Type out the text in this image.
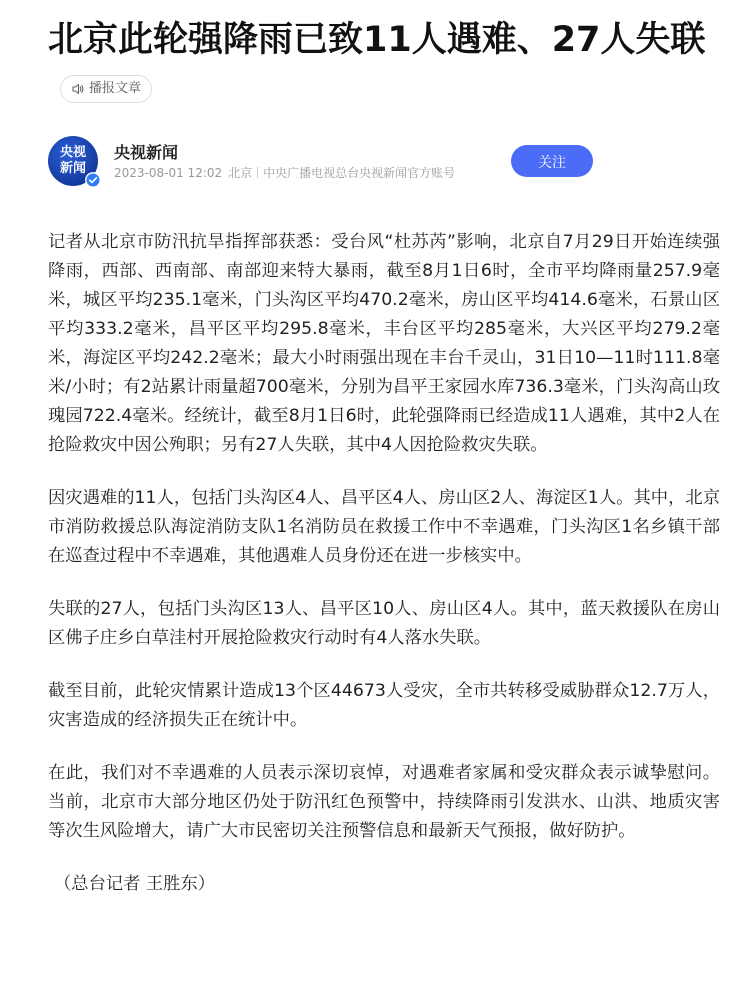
北京此轮强降雨已致11人遇难、27人失联
播报文章
央视
新闻
央视新闻
2023-08-01 12:02 北京 中央广播电视总台央视新闻官方账号
关注

记者从北京市防汛抗旱指挥部获悉：受台风“杜苏芮”影响，北京自7月29日开始连续强降雨，西部、西南部、南部迎来特大暴雨，截至8月1日6时，全市平均降雨量257.9毫米，城区平均235.1毫米，门头沟区平均470.2毫米，房山区平均414.6毫米，石景山区平均333.2毫米，昌平区平均295.8毫米，丰台区平均285毫米，大兴区平均279.2毫米，海淀区平均242.2毫米；最大小时雨强出现在丰台千灵山，31日10—11时111.8毫米/小时；有2站累计雨量超700毫米，分别为昌平王家园水库736.3毫米，门头沟高山玫瑰园722.4毫米。经统计，截至8月1日6时，此轮强降雨已经造成11人遇难，其中2人在抢险救灾中因公殉职；另有27人失联，其中4人因抢险救灾失联。

因灾遇难的11人，包括门头沟区4人、昌平区4人、房山区2人、海淀区1人。其中，北京市消防救援总队海淀消防支队1名消防员在救援工作中不幸遇难，门头沟区1名乡镇干部在巡查过程中不幸遇难，其他遇难人员身份还在进一步核实中。

失联的27人，包括门头沟区13人、昌平区10人、房山区4人。其中，蓝天救援队在房山区佛子庄乡白草洼村开展抢险救灾行动时有4人落水失联。

截至目前，此轮灾情累计造成13个区44673人受灾，全市共转移受威胁群众12.7万人，灾害造成的经济损失正在统计中。

在此，我们对不幸遇难的人员表示深切哀悼，对遇难者家属和受灾群众表示诚挚慰问。当前，北京市大部分地区仍处于防汛红色预警中，持续降雨引发洪水、山洪、地质灾害等次生风险增大，请广大市民密切关注预警信息和最新天气预报，做好防护。

（总台记者 王胜东）
